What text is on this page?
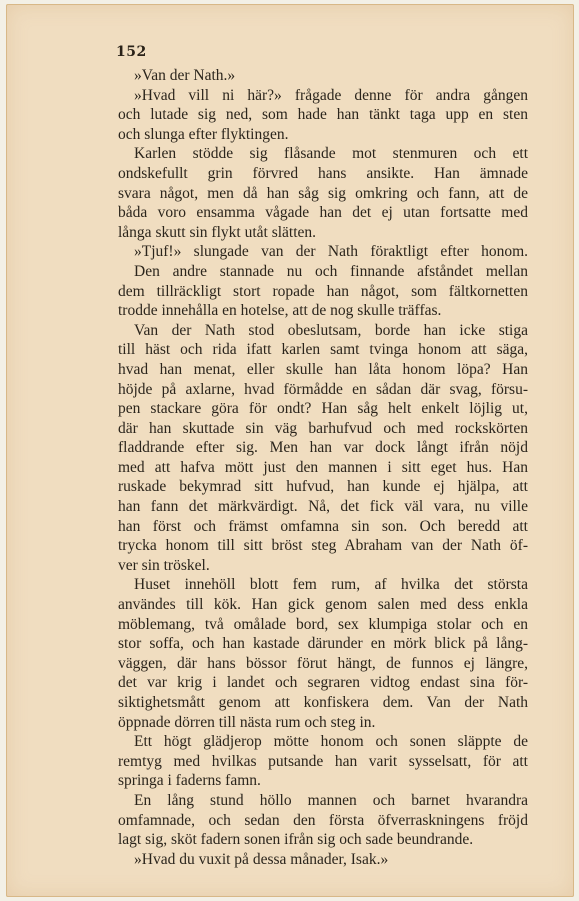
152
»Van der Nath.»
»Hvad vill ni här?» frågade denne för andra gången
och lutade sig ned, som hade han tänkt taga upp en sten
och slunga efter flyktingen.
Karlen stödde sig flåsande mot stenmuren och ett
ondskefullt grin förvred hans ansikte. Han ämnade
svara något, men då han såg sig omkring och fann, att de
båda voro ensamma vågade han det ej utan fortsatte med
långa skutt sin flykt utåt slätten.
»Tjuf!» slungade van der Nath föraktligt efter honom.
Den andre stannade nu och finnande afståndet mellan
dem tillräckligt stort ropade han något, som fältkornetten
trodde innehålla en hotelse, att de nog skulle träffas.
Van der Nath stod obeslutsam, borde han icke stiga
till häst och rida ifatt karlen samt tvinga honom att säga,
hvad han menat, eller skulle han låta honom löpa? Han
höjde på axlarne, hvad förmådde en sådan där svag, försu-
pen stackare göra för ondt? Han såg helt enkelt löjlig ut,
där han skuttade sin väg barhufvud och med rockskörten
fladdrande efter sig. Men han var dock långt ifrån nöjd
med att hafva mött just den mannen i sitt eget hus. Han
ruskade bekymrad sitt hufvud, han kunde ej hjälpa, att
han fann det märkvärdigt. Nå, det fick väl vara, nu ville
han först och främst omfamna sin son. Och beredd att
trycka honom till sitt bröst steg Abraham van der Nath öf-
ver sin tröskel.
Huset innehöll blott fem rum, af hvilka det största
användes till kök. Han gick genom salen med dess enkla
möblemang, två omålade bord, sex klumpiga stolar och en
stor soffa, och han kastade därunder en mörk blick på lång-
väggen, där hans bössor förut hängt, de funnos ej längre,
det var krig i landet och segraren vidtog endast sina för-
siktighetsmått genom att konfiskera dem. Van der Nath
öppnade dörren till nästa rum och steg in.
Ett högt glädjerop mötte honom och sonen släppte de
remtyg med hvilkas putsande han varit sysselsatt, för att
springa i faderns famn.
En lång stund höllo mannen och barnet hvarandra
omfamnade, och sedan den första öfverraskningens fröjd
lagt sig, sköt fadern sonen ifrån sig och sade beundrande.
»Hvad du vuxit på dessa månader, Isak.»
